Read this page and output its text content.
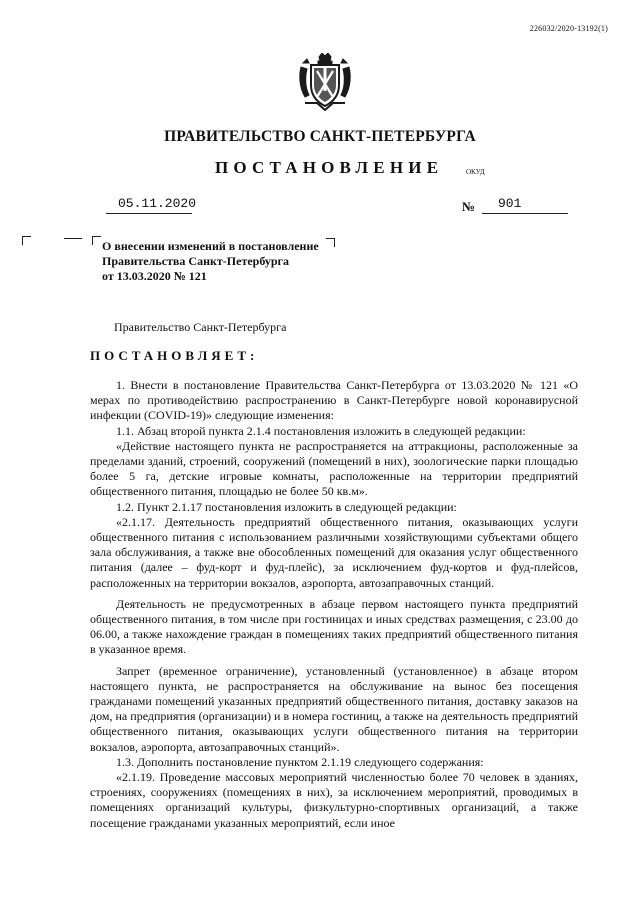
226032/2020-13192(1)
ПРАВИТЕЛЬСТВО САНКТ-ПЕТЕРБУРГА
ПОСТАНОВЛЕНИЕ	ОКУД
05.11.2020	№ 901
О внесении изменений в постановление
Правительства Санкт-Петербурга
от 13.03.2020 № 121
Правительство Санкт-Петербурга
ПОСТАНОВЛЯЕТ:

1. Внести в постановление Правительства Санкт-Петербурга от 13.03.2020 № 121 «О мерах по противодействию распространению в Санкт-Петербурге новой коронавирусной инфекции (COVID-19)» следующие изменения:

1.1. Абзац второй пункта 2.1.4 постановления изложить в следующей редакции:

«Действие настоящего пункта не распространяется на аттракционы, расположенные за пределами зданий, строений, сооружений (помещений в них), зоологические парки площадью более 5 га, детские игровые комнаты, расположенные на территории предприятий общественного питания, площадью не более 50 кв.м».

1.2. Пункт 2.1.17 постановления изложить в следующей редакции:

«2.1.17. Деятельность предприятий общественного питания, оказывающих услуги общественного питания с использованием различными хозяйствующими субъектами общего зала обслуживания, а также вне обособленных помещений для оказания услуг общественного питания (далее – фуд-корт и фуд-плейс), за исключением фуд-кортов и фуд-плейсов, расположенных на территории вокзалов, аэропорта, автозаправочных станций.

Деятельность не предусмотренных в абзаце первом настоящего пункта предприятий общественного питания, в том числе при гостиницах и иных средствах размещения, с 23.00 до 06.00, а также нахождение граждан в помещениях таких предприятий общественного питания в указанное время.

Запрет (временное ограничение), установленный (установленное) в абзаце втором настоящего пункта, не распространяется на обслуживание на вынос без посещения гражданами помещений указанных предприятий общественного питания, доставку заказов на дом, на предприятия (организации) и в номера гостиниц, а также на деятельность предприятий общественного питания, оказывающих услуги общественного питания на территории вокзалов, аэропорта, автозаправочных станций».

1.3. Дополнить постановление пунктом 2.1.19 следующего содержания:

«2.1.19. Проведение массовых мероприятий численностью более 70 человек в зданиях, строениях, сооружениях (помещениях в них), за исключением мероприятий, проводимых в помещениях организаций культуры, физкультурно-спортивных организаций, а также посещение гражданами указанных мероприятий, если иное
